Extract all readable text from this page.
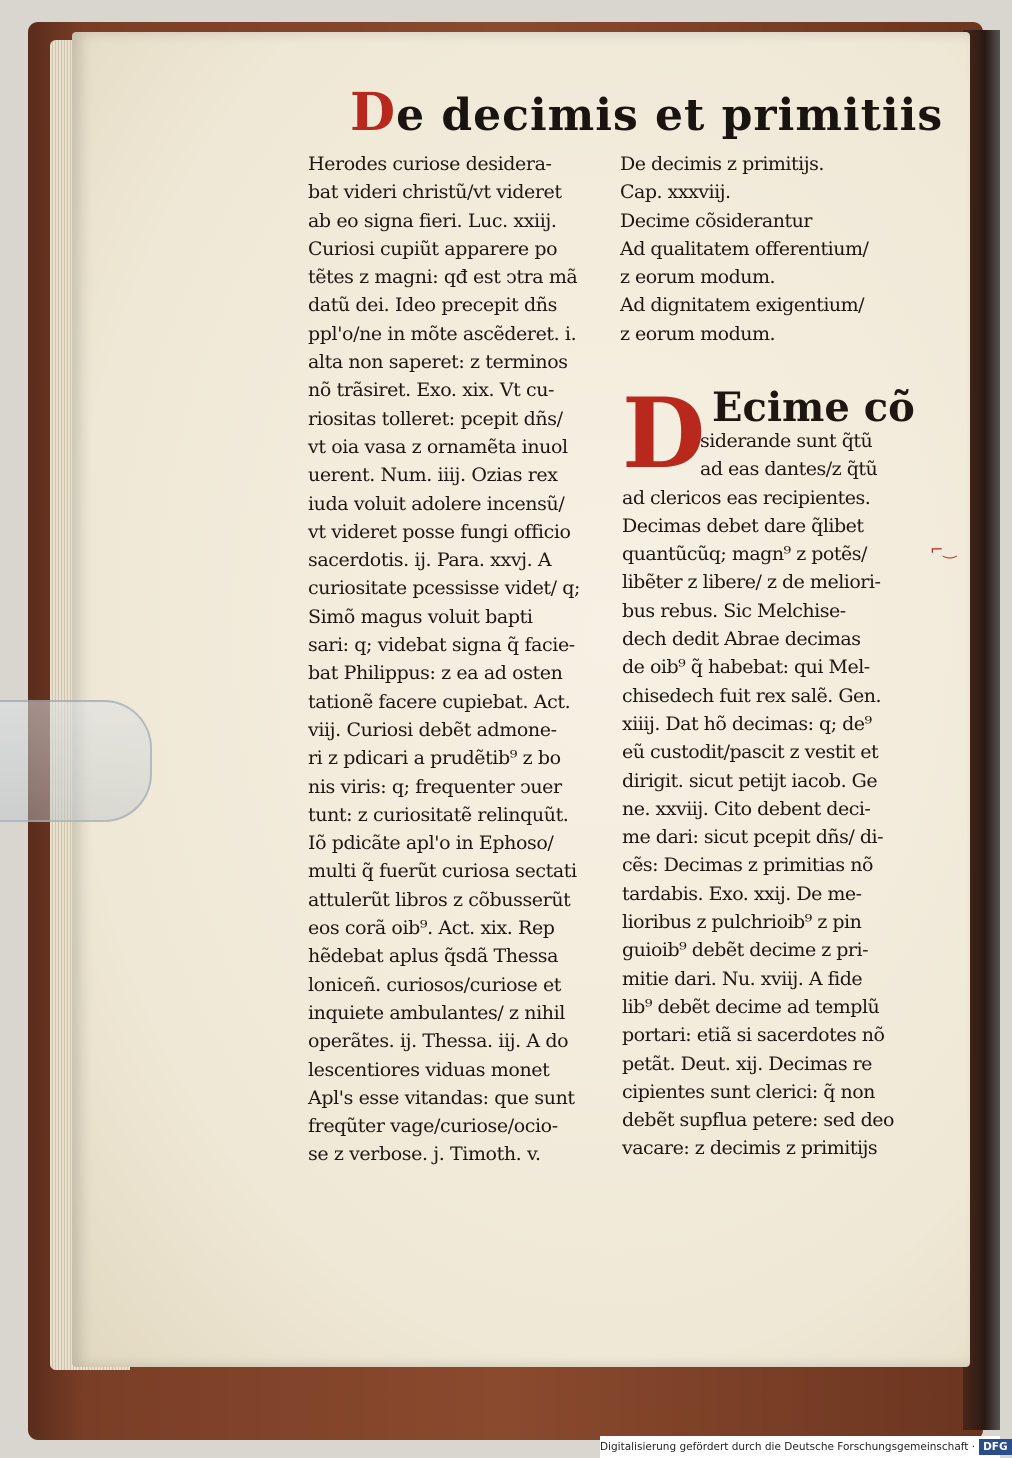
De decimis et primitiis
Herodes curiose desidera-
bat videri christũ/vt videret
ab eo signa fieri. Luc. xxiij.
Curiosi cupiũt apparere po
tẽtes z magni: qđ est ↄtra mã
datũ dei. Ideo precepit dñs
ppl'o/ne in mõte ascẽderet. i.
alta non saperet: z terminos
nõ trãsiret. Exo. xix. Vt cu-
riositas tolleret: pcepit dñs/
vt oia vasa z ornamẽta inuol
uerent. Num. iiij. Ozias rex
iuda voluit adolere incensũ/
vt videret posse fungi officio
sacerdotis. ij. Para. xxvj. A
curiositate pcessisse videt/ q;
Simõ magus voluit bapti
sari: q; videbat signa q̃ facie-
bat Philippus: z ea ad osten
tationẽ facere cupiebat. Act.
viij. Curiosi debẽt admone-
ri z pdicari a prudẽtib⁹ z bo
nis viris: q; frequenter ↄuer
tunt: z curiositatẽ relinquũt.
Iõ pdicãte apl'o in Ephoso/
multi q̃ fuerũt curiosa sectati
attulerũt libros z cõbusserũt
eos corã oib⁹. Act. xix. Rep
hẽdebat aplus q̃sdã Thessa
loniceñ. curiosos/curiose et
inquiete ambulantes/ z nihil
operãtes. ij. Thessa. iij. A do
lescentiores viduas monet
Apl's esse vitandas: que sunt
freqũter vage/curiose/ocio-
se z verbose. j. Timoth. v.
De decimis z primitijs.
Cap. xxxviij.
Decime cõsiderantur
Ad qualitatem offerentium/
z eorum modum.
Ad dignitatem exigentium/
z eorum modum.
D Ecime cõ
siderande sunt q̃tũ
ad eas dantes/z q̃tũ
ad clericos eas recipientes.
Decimas debet dare q̃libet
quantũcũq; magn⁹ z potẽs/
libẽter z libere/ z de meliori-
bus rebus. Sic Melchise-
dech dedit Abrae decimas
de oib⁹ q̃ habebat: qui Mel-
chisedech fuit rex salẽ. Gen.
xiiij. Dat hõ decimas: q; de⁹
eũ custodit/pascit z vestit et
dirigit. sicut petijt iacob. Ge
ne. xxviij. Cito debent deci-
me dari: sicut pcepit dñs/ di-
cẽs: Decimas z primitias nõ
tardabis. Exo. xxij. De me-
lioribus z pulchrioib⁹ z pin
guioib⁹ debẽt decime z pri-
mitie dari. Nu. xviij. A fide
lib⁹ debẽt decime ad templũ
portari: etiã si sacerdotes nõ
petãt. Deut. xij. Decimas re
cipientes sunt clerici: q̃ non
debẽt supflua petere: sed deo
vacare: z decimis z primitijs
⌐‿
Digitalisierung gefördert durch die Deutsche Forschungsgemeinschaft · DFG
